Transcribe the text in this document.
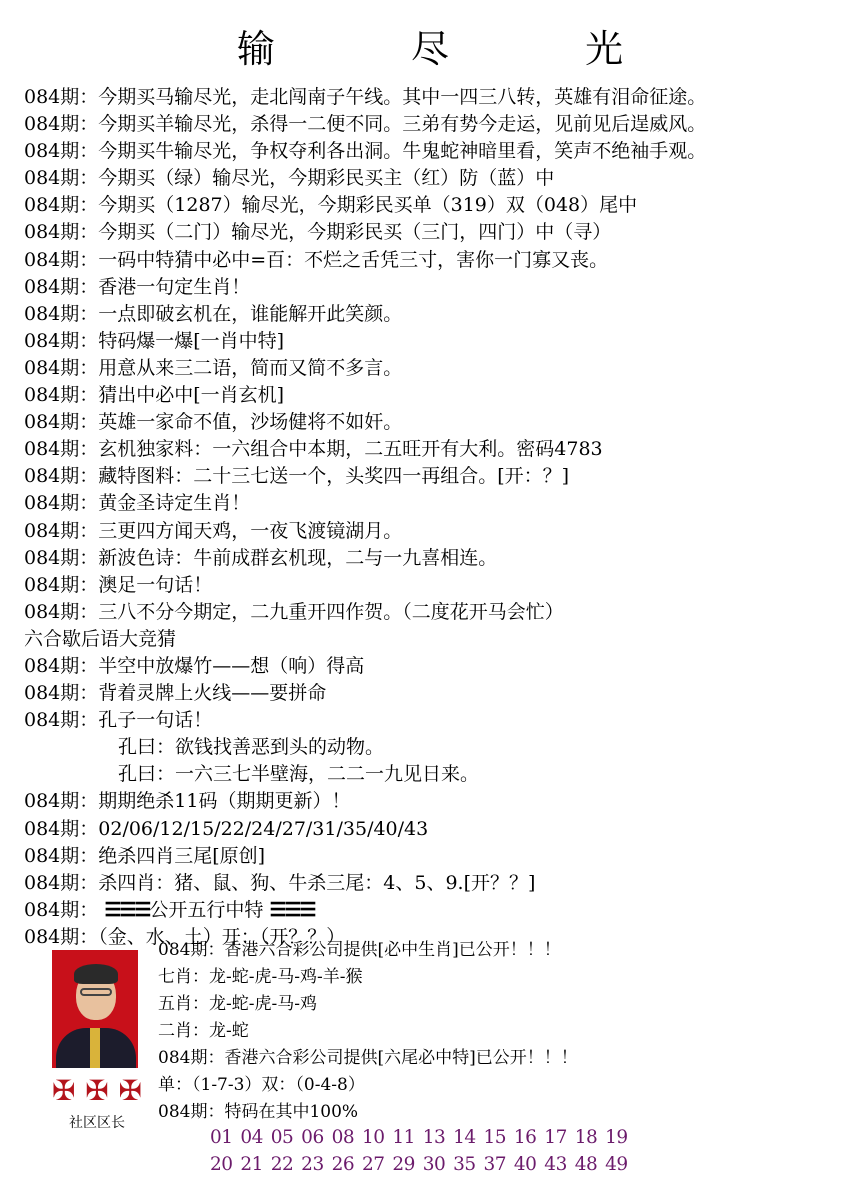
输 尽 光
084期：今期买马输尽光，走北闯南子午线。其中一四三八转，英雄有泪命征途。
084期：今期买羊输尽光，杀得一二便不同。三弟有势今走运，见前见后逞威风。
084期：今期买牛输尽光，争权夺利各出洞。牛鬼蛇神暗里看，笑声不绝袖手观。
084期：今期买（绿）输尽光，今期彩民买主（红）防（蓝）中
084期：今期买（1287）输尽光，今期彩民买单（319）双（048）尾中
084期：今期买（二门）输尽光，今期彩民买（三门，四门）中（寻）
084期：一码中特猜中必中=百：不烂之舌凭三寸，害你一门寡又丧。
084期：香港一句定生肖！
084期：一点即破玄机在，谁能解开此笑颜。
084期：特码爆一爆[一肖中特]
084期：用意从来三二语，简而又简不多言。
084期：猜出中必中[一肖玄机]
084期：英雄一家命不值，沙场健将不如奸。
084期：玄机独家料：一六组合中本期，二五旺开有大利。密码4783
084期：藏特图料：二十三七送一个，头奖四一再组合。[开：？]
084期：黄金圣诗定生肖！
084期：三更四方闻天鸡，一夜飞渡镜湖月。
084期：新波色诗：牛前成群玄机现，二与一九喜相连。
084期：澳足一句话！
084期：三八不分今期定，二九重开四作贺。（二度花开马会忙）
六合歇后语大竞猜
084期：半空中放爆竹——想（响）得高
084期：背着灵牌上火线——要拼命
084期：孔子一句话！
孔曰：欲钱找善恶到头的动物。
孔曰：一六三七半壁海，二二一九见日来。
084期：期期绝杀11码（期期更新）！
084期：02/06/12/15/22/24/27/31/35/40/43
084期：绝杀四肖三尾[原创]
084期：杀四肖：猪、鼠、狗、牛杀三尾：4、5、9.[开？？]
084期： ☰☰☰公开五行中特 ☰☰☰
084期：（金、水、土）开：（开？？）
✠ ✠ ✠
社区区长
084期：香港六合彩公司提供[必中生肖]已公开！！！
七肖：龙-蛇-虎-马-鸡-羊-猴
五肖：龙-蛇-虎-马-鸡
二肖：龙-蛇
084期：香港六合彩公司提供[六尾必中特]已公开！！！
单：（1-7-3）双：（0-4-8）
084期：特码在其中100%
01 04 05 06 08 10 11 13 14 15 16 17 18 19
20 21 22 23 26 27 29 30 35 37 40 43 48 49
